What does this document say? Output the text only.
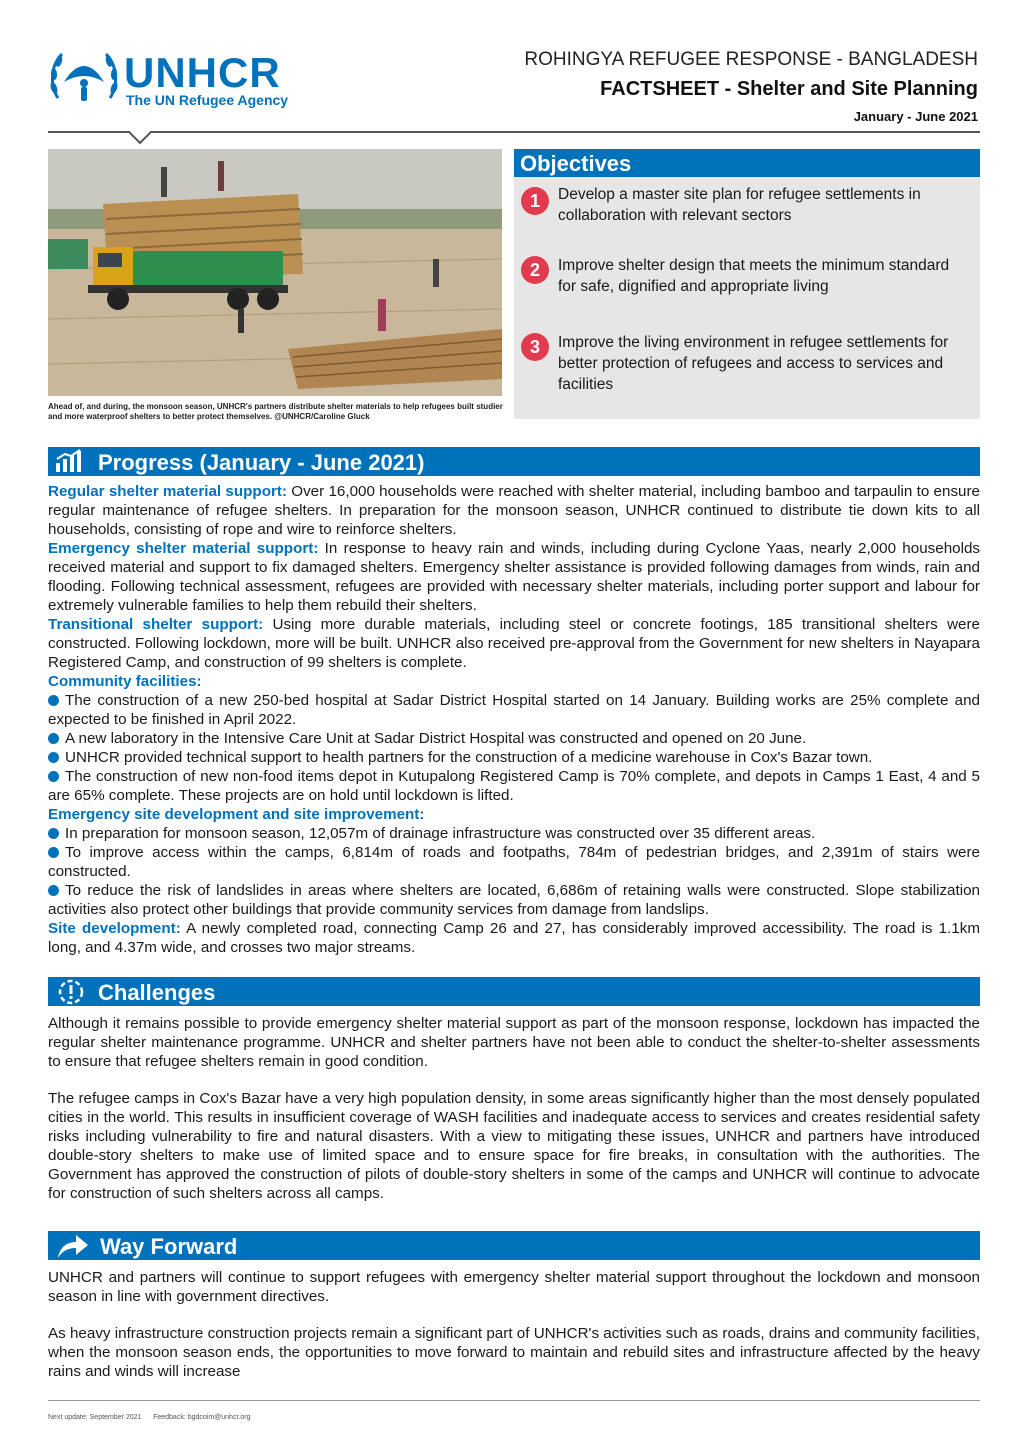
UNHCR
The UN Refugee Agency
ROHINGYA REFUGEE RESPONSE - BANGLADESH
FACTSHEET - Shelter and Site Planning
January - June 2021
Ahead of, and during, the monsoon season, UNHCR's partners distribute shelter materials to help refugees built studier and more waterproof shelters to better protect themselves. @UNHCR/Caroline Gluck
Objectives
1	Develop a master site plan for refugee settlements in collaboration with relevant sectors
2	Improve shelter design that meets the minimum standard for safe, dignified and appropriate living
3	Improve the living environment in refugee settlements for better protection of refugees and access to services and facilities
Progress (January - June 2021)

Regular shelter material support: Over 16,000 households were reached with shelter material, including bamboo and tarpaulin to ensure regular maintenance of refugee shelters. In preparation for the monsoon season, UNHCR continued to distribute tie down kits to all households, consisting of rope and wire to reinforce shelters.

Emergency shelter material support: In response to heavy rain and winds, including during Cyclone Yaas, nearly 2,000 households received material and support to fix damaged shelters. Emergency shelter assistance is provided following damages from winds, rain and flooding. Following technical assessment, refugees are provided with necessary shelter materials, including porter support and labour for extremely vulnerable families to help them rebuild their shelters.

Transitional shelter support: Using more durable materials, including steel or concrete footings, 185 transitional shelters were constructed. Following lockdown, more will be built. UNHCR also received pre-approval from the Government for new shelters in Nayapara Registered Camp, and construction of 99 shelters is complete.

Community facilities:

The construction of a new 250-bed hospital at Sadar District Hospital started on 14 January. Building works are 25% complete and expected to be finished in April 2022.

A new laboratory in the Intensive Care Unit at Sadar District Hospital was constructed and opened on 20 June.

UNHCR provided technical support to health partners for the construction of a medicine warehouse in Cox's Bazar town.

The construction of new non-food items depot in Kutupalong Registered Camp is 70% complete, and depots in Camps 1 East, 4 and 5 are 65% complete. These projects are on hold until lockdown is lifted.

Emergency site development and site improvement:

In preparation for monsoon season, 12,057m of drainage infrastructure was constructed over 35 different areas.

To improve access within the camps, 6,814m of roads and footpaths, 784m of pedestrian bridges, and 2,391m of stairs were constructed.

To reduce the risk of landslides in areas where shelters are located, 6,686m of retaining walls were constructed. Slope stabilization activities also protect other buildings that provide community services from damage from landslips.

Site development: A newly completed road, connecting Camp 26 and 27, has considerably improved accessibility. The road is 1.1km long, and 4.37m wide, and crosses two major streams.

Challenges
Although it remains possible to provide emergency shelter material support as part of the monsoon response, lockdown has impacted the regular shelter maintenance programme. UNHCR and shelter partners have not been able to conduct the shelter-to-shelter assessments to ensure that refugee shelters remain in good condition.
The refugee camps in Cox's Bazar have a very high population density, in some areas significantly higher than the most densely populated cities in the world. This results in insufficient coverage of WASH facilities and inadequate access to services and creates residential safety risks including vulnerability to fire and natural disasters. With a view to mitigating these issues, UNHCR and partners have introduced double-story shelters to make use of limited space and to ensure space for fire breaks, in consultation with the authorities. The Government has approved the construction of pilots of double-story shelters in some of the camps and UNHCR will continue to advocate for construction of such shelters across all camps.
Way Forward
UNHCR and partners will continue to support refugees with emergency shelter material support throughout the lockdown and monsoon season in line with government directives.
As heavy infrastructure construction projects remain a significant part of UNHCR's activities such as roads, drains and community facilities, when the monsoon season ends, the opportunities to move forward to maintain and rebuild sites and infrastructure affected by the heavy rains and winds will increase
Next update: September 2021 Feedback: bgdcoim@unhcr.org
